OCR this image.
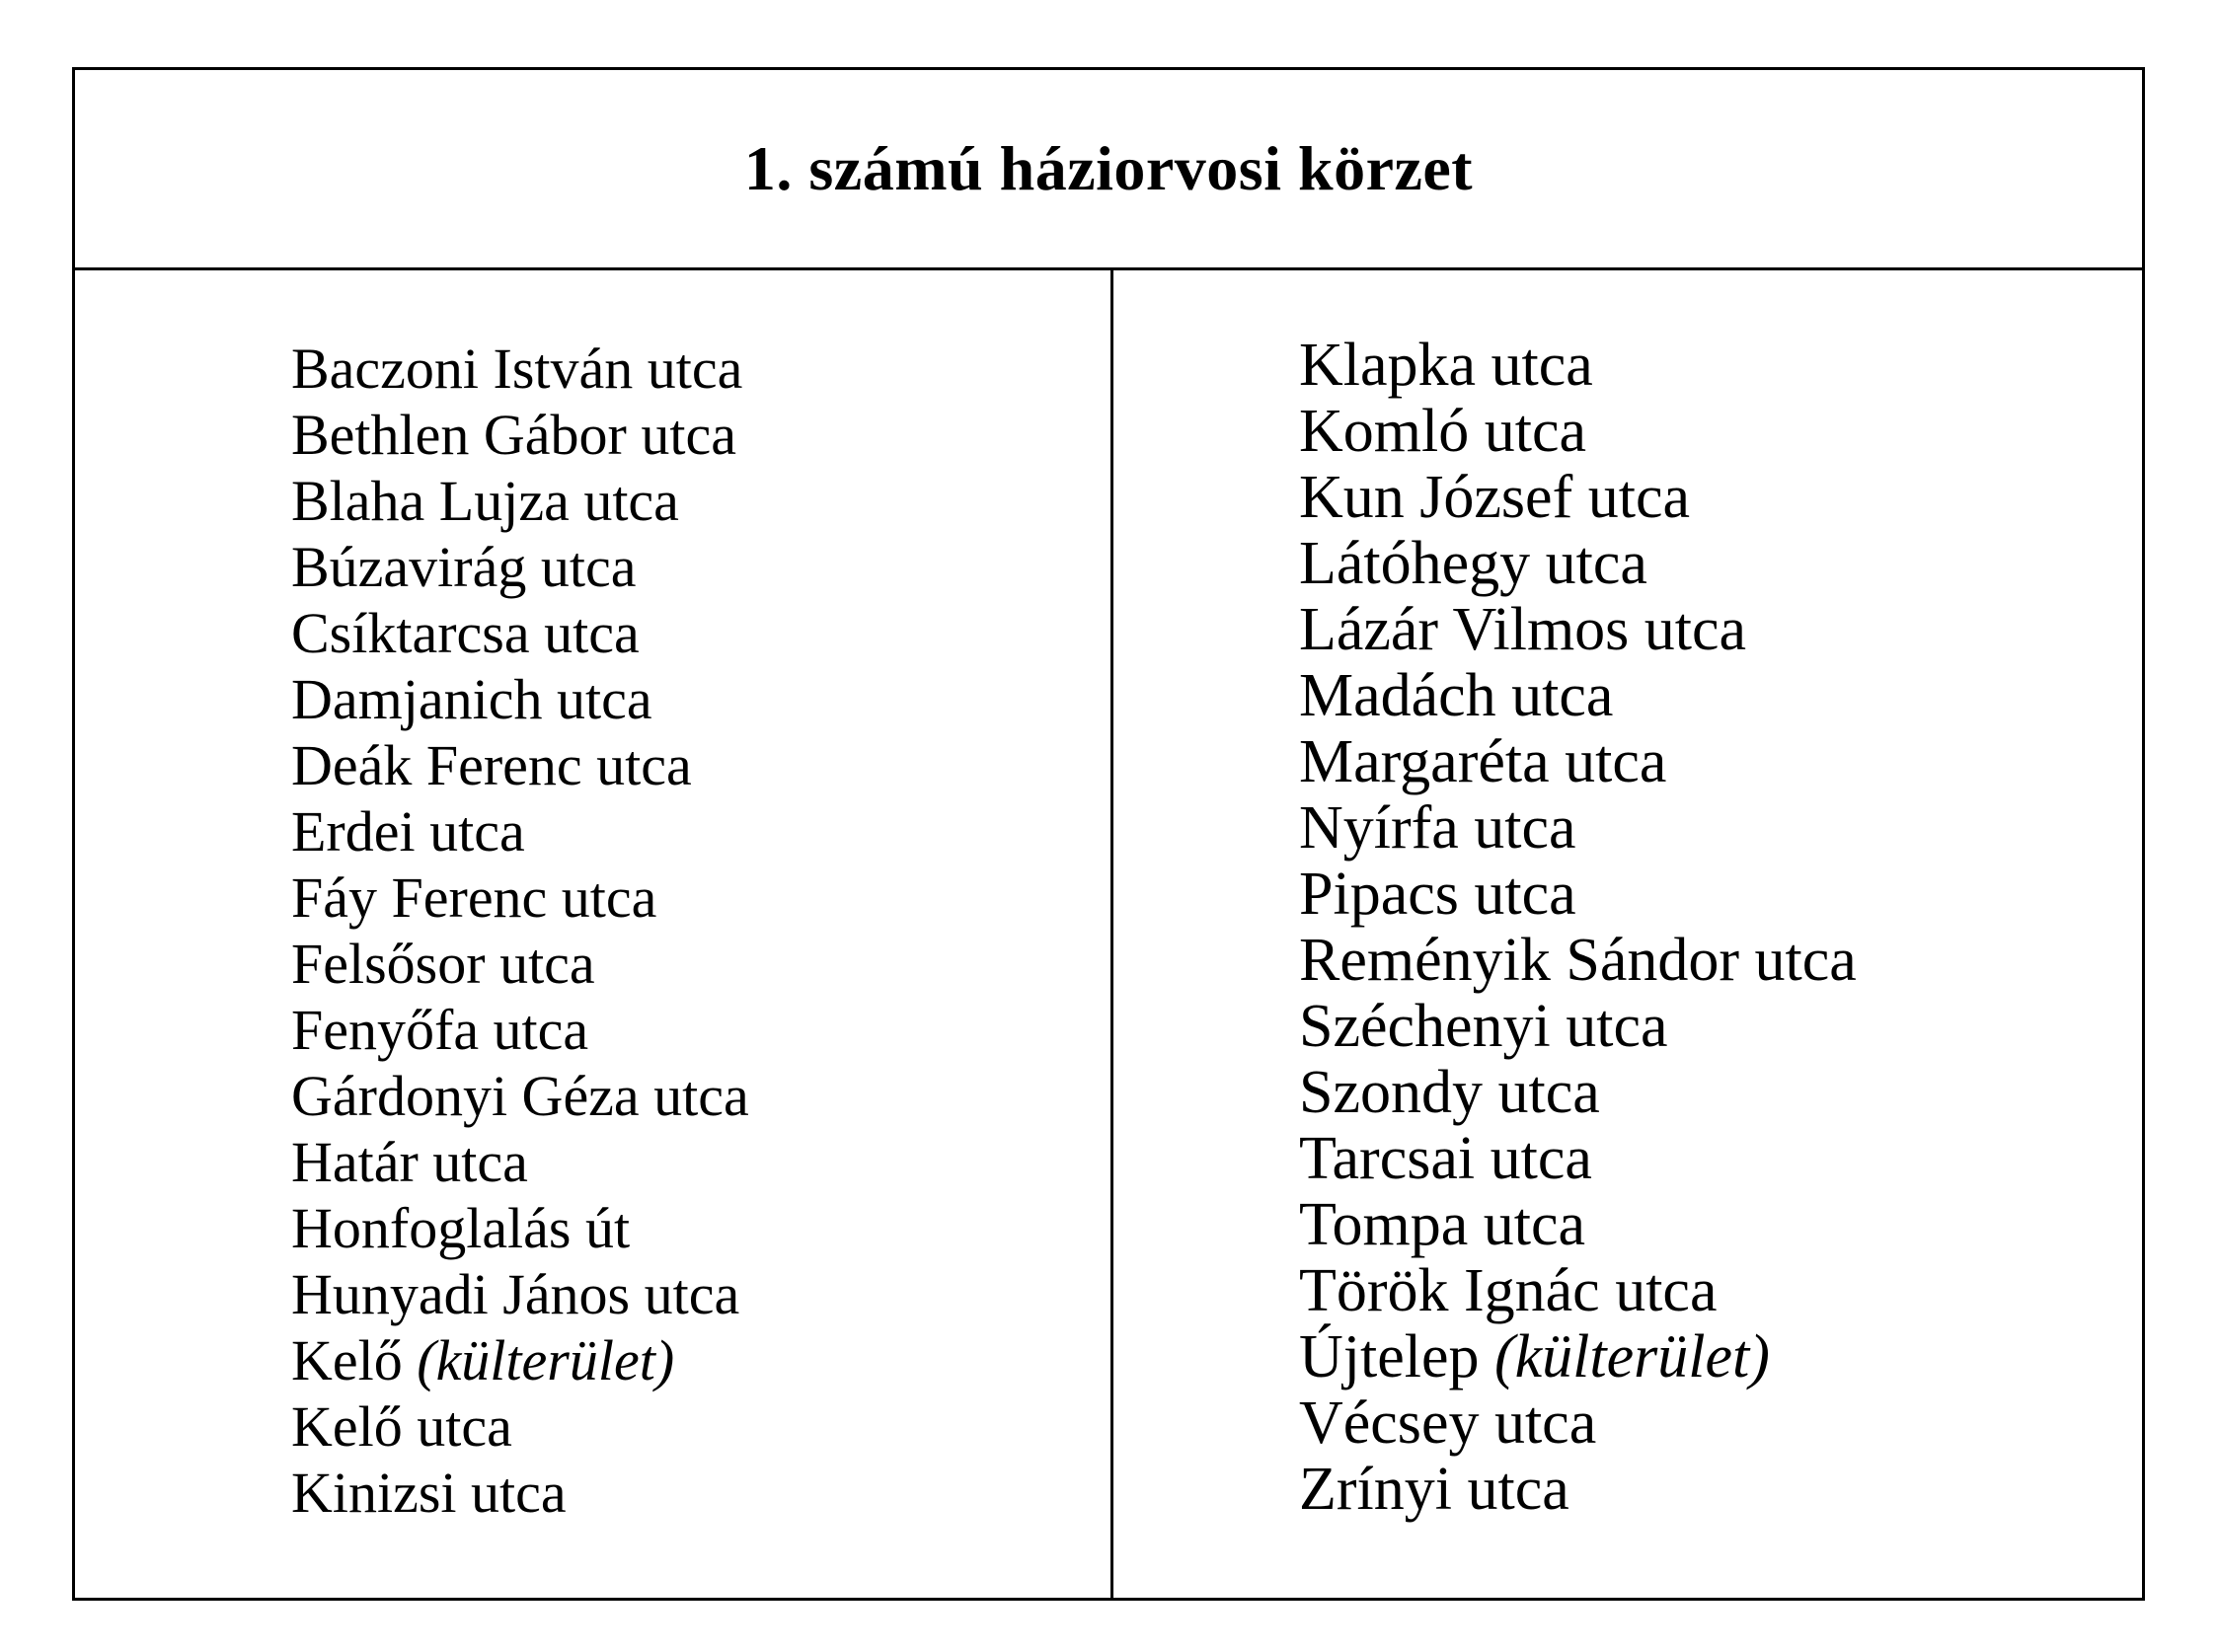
1. számú háziorvosi körzet
Baczoni István utca
Bethlen Gábor utca
Blaha Lujza utca
Búzavirág utca
Csíktarcsa utca
Damjanich utca
Deák Ferenc utca
Erdei utca
Fáy Ferenc utca
Felsősor utca
Fenyőfa utca
Gárdonyi Géza utca
Határ utca
Honfoglalás út
Hunyadi János utca
Kelő (külterület)
Kelő utca
Kinizsi utca
Klapka utca
Komló utca
Kun József utca
Látóhegy utca
Lázár Vilmos utca
Madách utca
Margaréta utca
Nyírfa utca
Pipacs utca
Reményik Sándor utca
Széchenyi utca
Szondy utca
Tarcsai utca
Tompa utca
Török Ignác utca
Újtelep (külterület)
Vécsey utca
Zrínyi utca
